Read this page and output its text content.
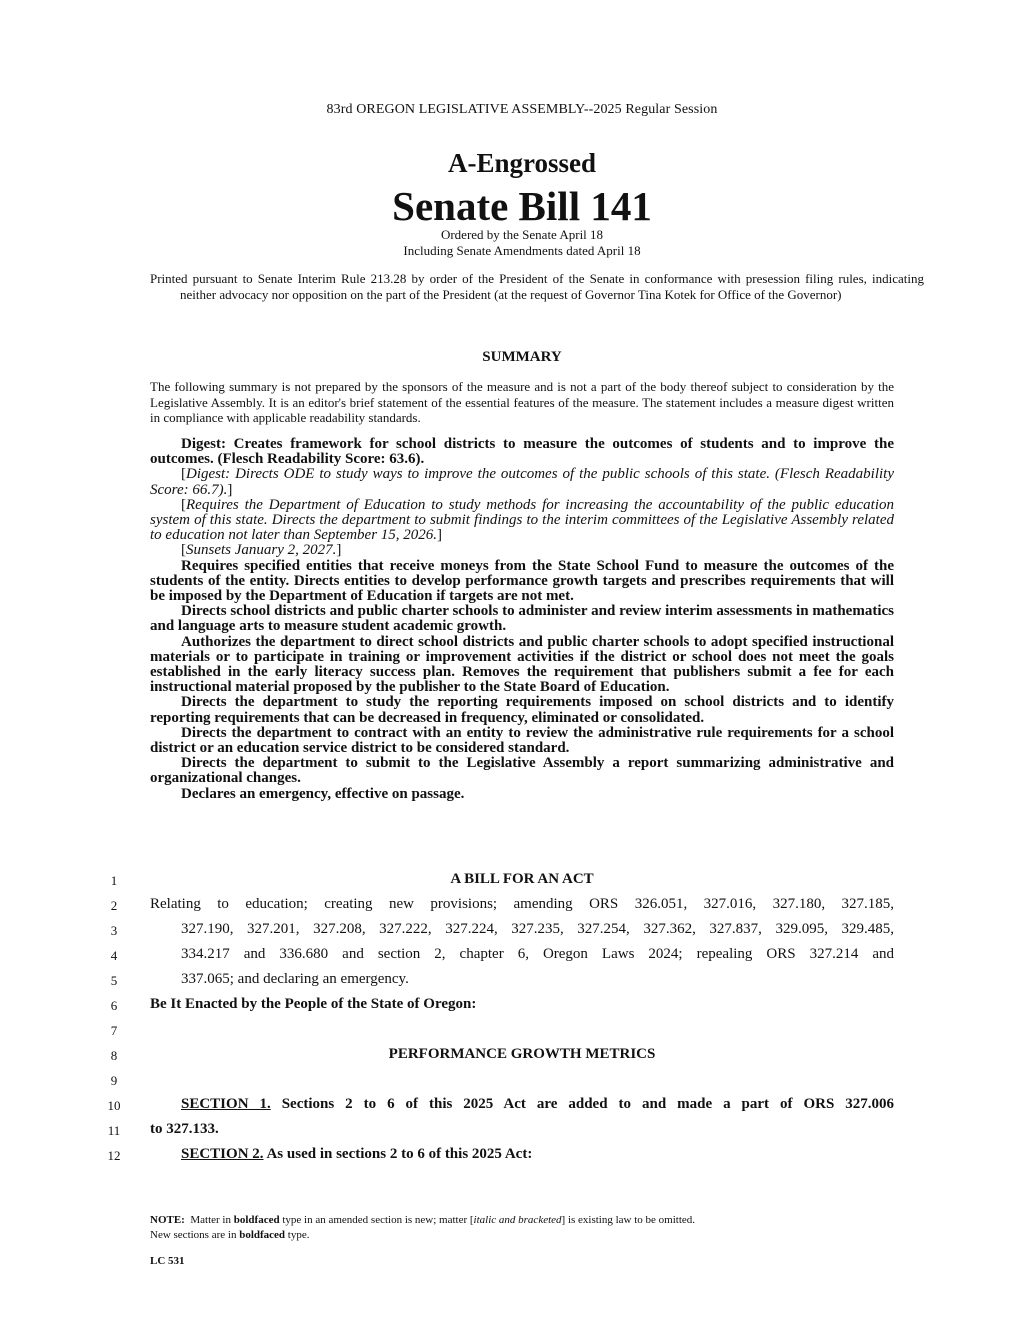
83rd OREGON LEGISLATIVE ASSEMBLY--2025 Regular Session
A-Engrossed
Senate Bill 141
Ordered by the Senate April 18
Including Senate Amendments dated April 18
Printed pursuant to Senate Interim Rule 213.28 by order of the President of the Senate in conformance with presession filing rules, indicating neither advocacy nor opposition on the part of the President (at the request of Governor Tina Kotek for Office of the Governor)
SUMMARY
The following summary is not prepared by the sponsors of the measure and is not a part of the body thereof subject to consideration by the Legislative Assembly. It is an editor's brief statement of the essential features of the measure. The statement includes a measure digest written in compliance with applicable readability standards.

Digest: Creates framework for school districts to measure the outcomes of students and to improve the outcomes. (Flesch Readability Score: 63.6).

[Digest: Directs ODE to study ways to improve the outcomes of the public schools of this state. (Flesch Readability Score: 66.7).]

[Requires the Department of Education to study methods for increasing the accountability of the public education system of this state. Directs the department to submit findings to the interim committees of the Legislative Assembly related to education not later than September 15, 2026.]

[Sunsets January 2, 2027.]

Requires specified entities that receive moneys from the State School Fund to measure the outcomes of the students of the entity. Directs entities to develop performance growth targets and prescribes requirements that will be imposed by the Department of Education if targets are not met.

Directs school districts and public charter schools to administer and review interim assessments in mathematics and language arts to measure student academic growth.

Authorizes the department to direct school districts and public charter schools to adopt specified instructional materials or to participate in training or improvement activities if the district or school does not meet the goals established in the early literacy success plan. Removes the requirement that publishers submit a fee for each instructional material proposed by the publisher to the State Board of Education.

Directs the department to study the reporting requirements imposed on school districts and to identify reporting requirements that can be decreased in frequency, eliminated or consolidated.

Directs the department to contract with an entity to review the administrative rule requirements for a school district or an education service district to be considered standard.

Directs the department to submit to the Legislative Assembly a report summarizing administrative and organizational changes.

Declares an emergency, effective on passage.

1
2
3
4
5
6
7
8
9
10
11
12
A BILL FOR AN ACT
Relating to education; creating new provisions; amending ORS 326.051, 327.016, 327.180, 327.185,
327.190, 327.201, 327.208, 327.222, 327.224, 327.235, 327.254, 327.362, 327.837, 329.095, 329.485,
334.217 and 336.680 and section 2, chapter 6, Oregon Laws 2024; repealing ORS 327.214 and
337.065; and declaring an emergency.
Be It Enacted by the People of the State of Oregon:
PERFORMANCE GROWTH METRICS
SECTION 1. Sections 2 to 6 of this 2025 Act are added to and made a part of ORS 327.006
to 327.133.
SECTION 2. As used in sections 2 to 6 of this 2025 Act:
NOTE: Matter in boldfaced type in an amended section is new; matter [italic and bracketed] is existing law to be omitted.
New sections are in boldfaced type.
LC 531
